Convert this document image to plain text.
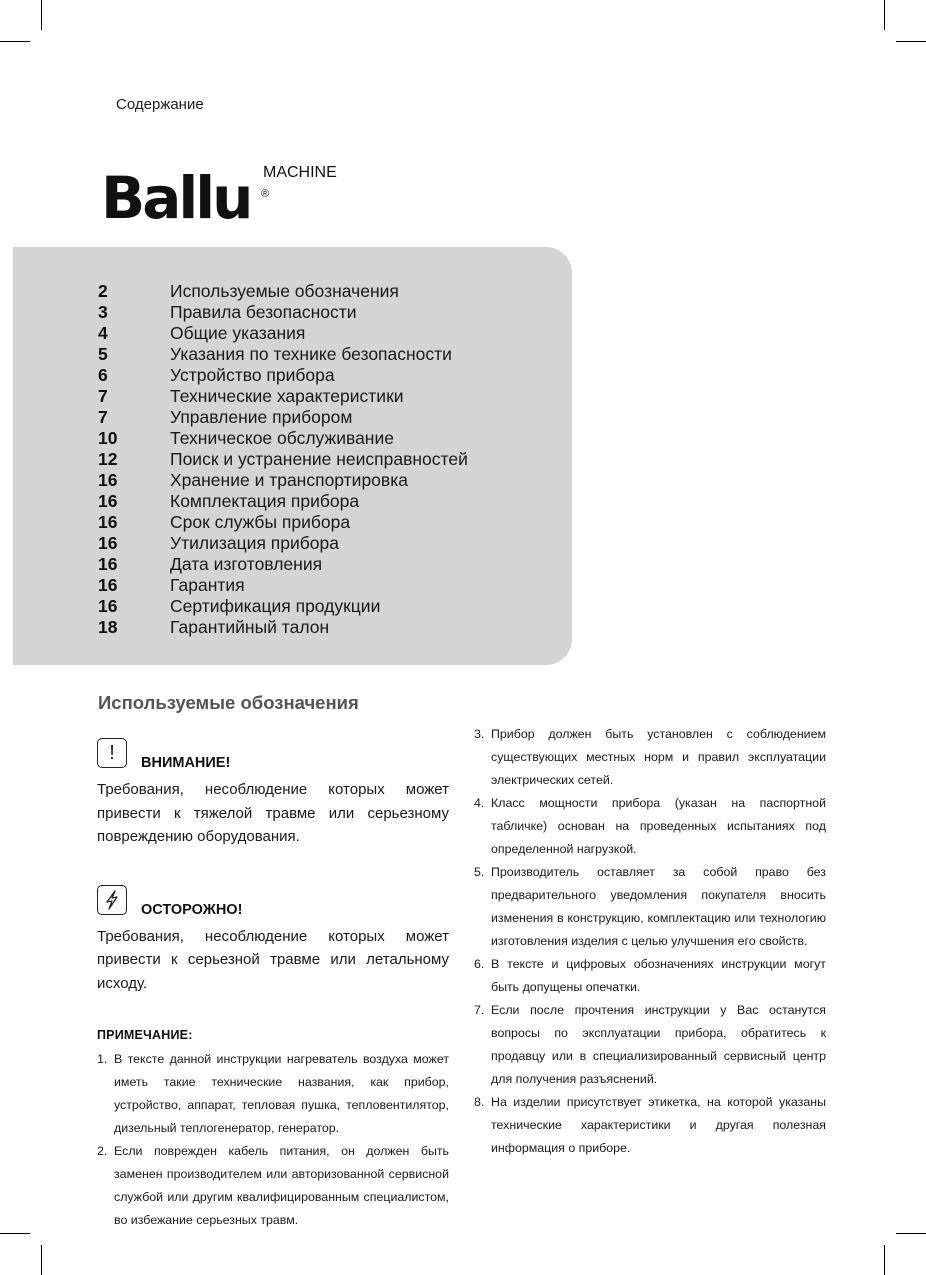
Содержание
Ballu MACHINE
®
2	Используемые обозначения
3	Правила безопасности
4	Общие указания
5	Указания по технике безопасности
6	Устройство прибора
7	Технические характеристики
7	Управление прибором
10	Техническое обслуживание
12	Поиск и устранение неисправностей
16	Хранение и транспортировка
16	Комплектация прибора
16	Срок службы прибора
16	Утилизация прибора
16	Дата изготовления
16	Гарантия
16	Сертификация продукции
18	Гарантийный талон
Используемые обозначения
!	ВНИМАНИЕ!

Требования, несоблюдение которых может привести к тяжелой травме или серьезному повреждению оборудования.

ОСТОРОЖНО!

Требования, несоблюдение которых может привести к серьезной травме или летальному исходу.

ПРИМЕЧАНИЕ:
1. В тексте данной инструкции нагреватель воздуха может иметь такие технические названия, как прибор, устройство, аппарат, тепловая пушка, тепловентилятор, дизельный теплогенератор, генератор.
2. Если поврежден кабель питания, он должен быть заменен производителем или авторизованной сервисной службой или другим квалифицированным специалистом, во избежание серьезных травм.
3. Прибор должен быть установлен с соблюдением существующих местных норм и правил эксплуатации электрических сетей.
4. Класс мощности прибора (указан на паспортной табличке) основан на проведенных испытаниях под определенной нагрузкой.
5. Производитель оставляет за собой право без предварительного уведомления покупателя вносить изменения в конструкцию, комплектацию или технологию изготовления изделия с целью улучшения его свойств.
6. В тексте и цифровых обозначениях инструкции могут быть допущены опечатки.
7. Если после прочтения инструкции у Вас останутся вопросы по эксплуатации прибора, обратитесь к продавцу или в специализированный сервисный центр для получения разъяснений.
8. На изделии присутствует этикетка, на которой указаны технические характеристики и другая полезная информация о приборе.
